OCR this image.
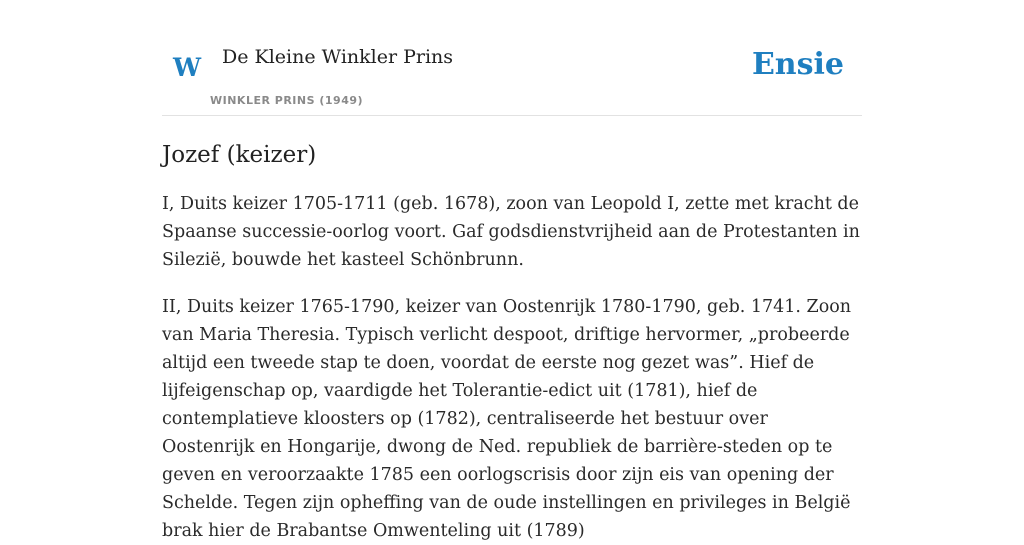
W De Kleine Winkler Prins
WINKLER PRINS (1949)
Ensie
Jozef (keizer)

I, Duits keizer 1705-1711 (geb. 1678), zoon van Leopold I, zette met kracht de Spaanse successie-oorlog voort. Gaf godsdienstvrijheid aan de Protestanten in Silezië, bouwde het kasteel Schönbrunn.

II, Duits keizer 1765-1790, keizer van Oostenrijk 1780-1790, geb. 1741. Zoon van Maria Theresia. Typisch verlicht despoot, driftige hervormer, „probeerde altijd een tweede stap te doen, voordat de eerste nog gezet was”. Hief de lijfeigenschap op, vaardigde het Tolerantie-edict uit (1781), hief de contemplatieve kloosters op (1782), centraliseerde het bestuur over Oostenrijk en Hongarije, dwong de Ned. republiek de barrière-steden op te geven en veroorzaakte 1785 een oorlogscrisis door zijn eis van opening der Schelde. Tegen zijn opheffing van de oude instellingen en privileges in België brak hier de Brabantse Omwenteling uit (1789)
